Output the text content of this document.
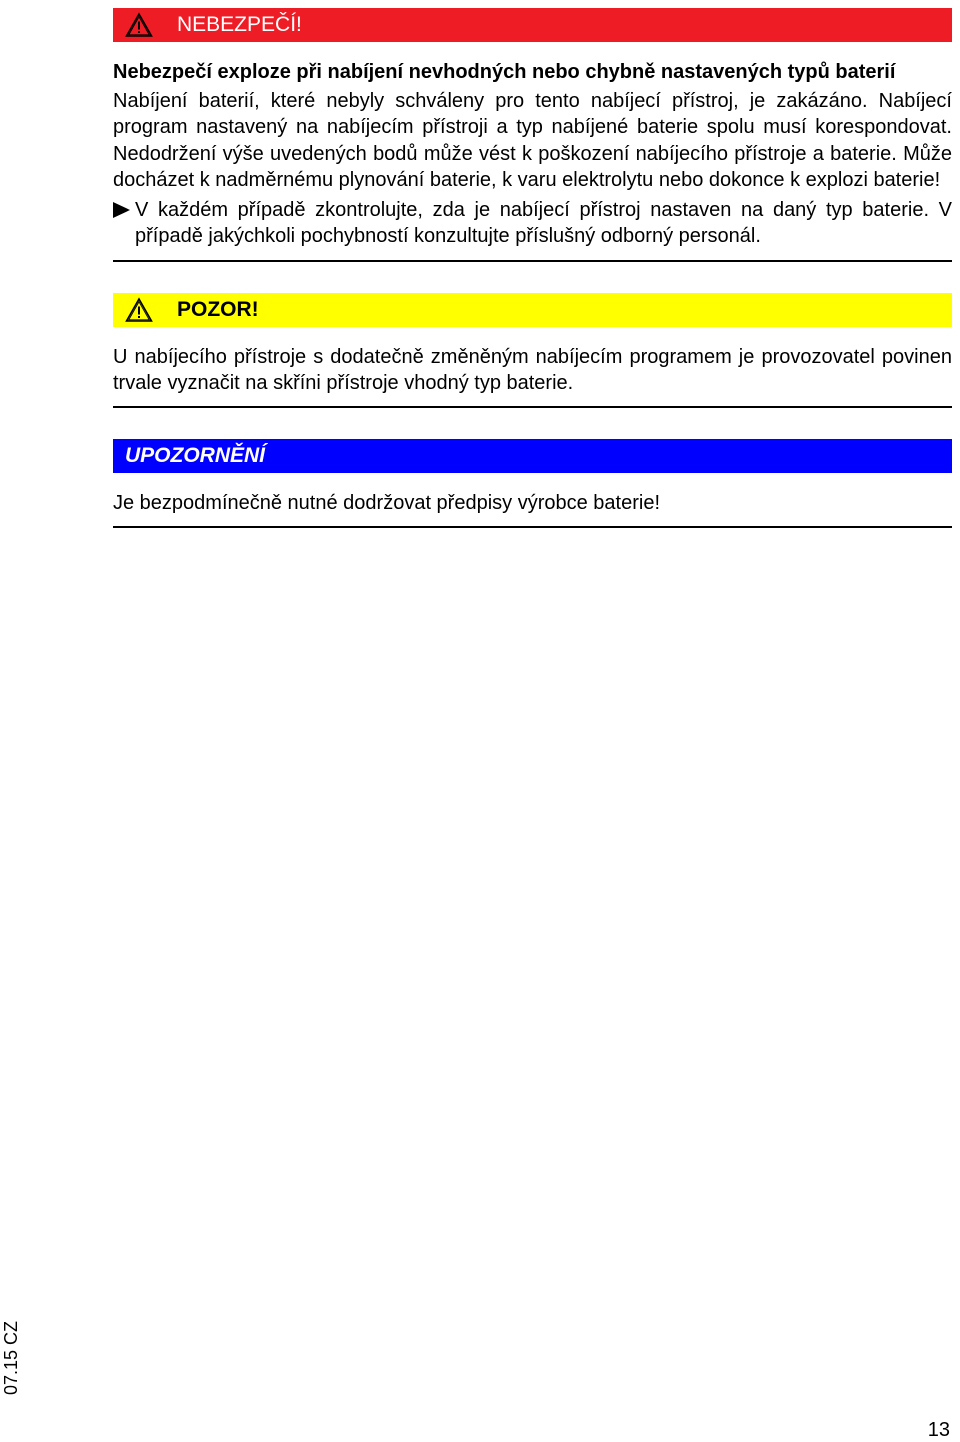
NEBEZPEČÍ!

Nebezpečí exploze při nabíjení nevhodných nebo chybně nastavených typů baterií

Nabíjení baterií, které nebyly schváleny pro tento nabíjecí přístroj, je zakázáno. Nabíjecí program nastavený na nabíjecím přístroji a typ nabíjené baterie spolu musí korespondovat. Nedodržení výše uvedených bodů může vést k poškození nabíjecího přístroje a baterie. Může docházet k nadměrnému plynování baterie, k varu elektrolytu nebo dokonce k explozi baterie!

V každém případě zkontrolujte, zda je nabíjecí přístroj nastaven na daný typ baterie. V případě jakýchkoli pochybností konzultujte příslušný odborný personál.

POZOR!

U nabíjecího přístroje s dodatečně změněným nabíjecím programem je provozovatel povinen trvale vyznačit na skříni přístroje vhodný typ baterie.

UPOZORNĚNÍ

Je bezpodmínečně nutné dodržovat předpisy výrobce baterie!

07.15 CZ
13
